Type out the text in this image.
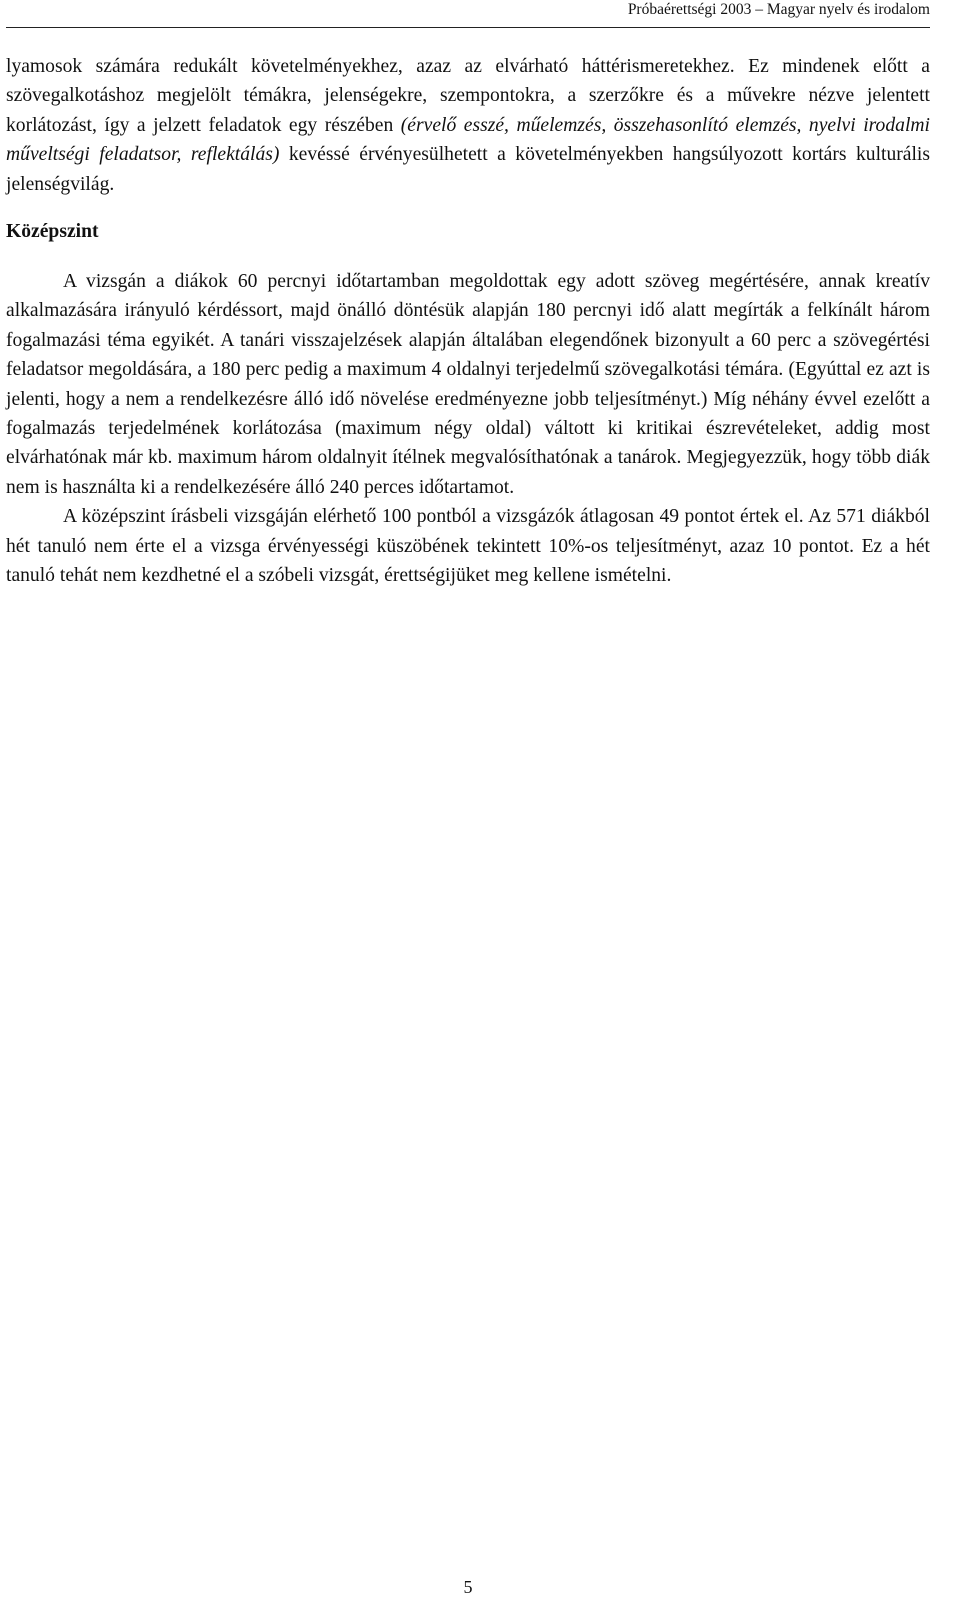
Próbaérettségi 2003 – Magyar nyelv és irodalom

lyamosok számára redukált követelményekhez, azaz az elvárható háttérismeretekhez. Ez mindenek előtt a szövegalkotáshoz megjelölt témákra, jelenségekre, szempontokra, a szerzőkre és a művekre nézve jelentett korlátozást, így a jelzett feladatok egy részében (érvelő esszé, műelemzés, összehasonlító elemzés, nyelvi irodalmi műveltségi feladatsor, reflektálás) kevéssé érvényesülhetett a követelményekben hangsúlyozott kortárs kulturális jelenségvilág.

Középszint

A vizsgán a diákok 60 percnyi időtartamban megoldottak egy adott szöveg megértésére, annak kreatív alkalmazására irányuló kérdéssort, majd önálló döntésük alapján 180 percnyi idő alatt megírták a felkínált három fogalmazási téma egyikét. A tanári visszajelzések alapján általában elegendőnek bizonyult a 60 perc a szövegértési feladatsor megoldására, a 180 perc pedig a maximum 4 oldalnyi terjedelmű szövegalkotási témára. (Egyúttal ez azt is jelenti, hogy a nem a rendelkezésre álló idő növelése eredményezne jobb teljesítményt.) Míg néhány évvel ezelőtt a fogalmazás terjedelmének korlátozása (maximum négy oldal) váltott ki kritikai észrevételeket, addig most elvárhatónak már kb. maximum három oldalnyit ítélnek megvalósíthatónak a tanárok. Megjegyezzük, hogy több diák nem is használta ki a rendelkezésére álló 240 perces időtartamot.

A középszint írásbeli vizsgáján elérhető 100 pontból a vizsgázók átlagosan 49 pontot értek el. Az 571 diákból hét tanuló nem érte el a vizsga érvényességi küszöbének tekintett 10%-os teljesítményt, azaz 10 pontot. Ez a hét tanuló tehát nem kezdhetné el a szóbeli vizsgát, érettségijüket meg kellene ismételni.

5
